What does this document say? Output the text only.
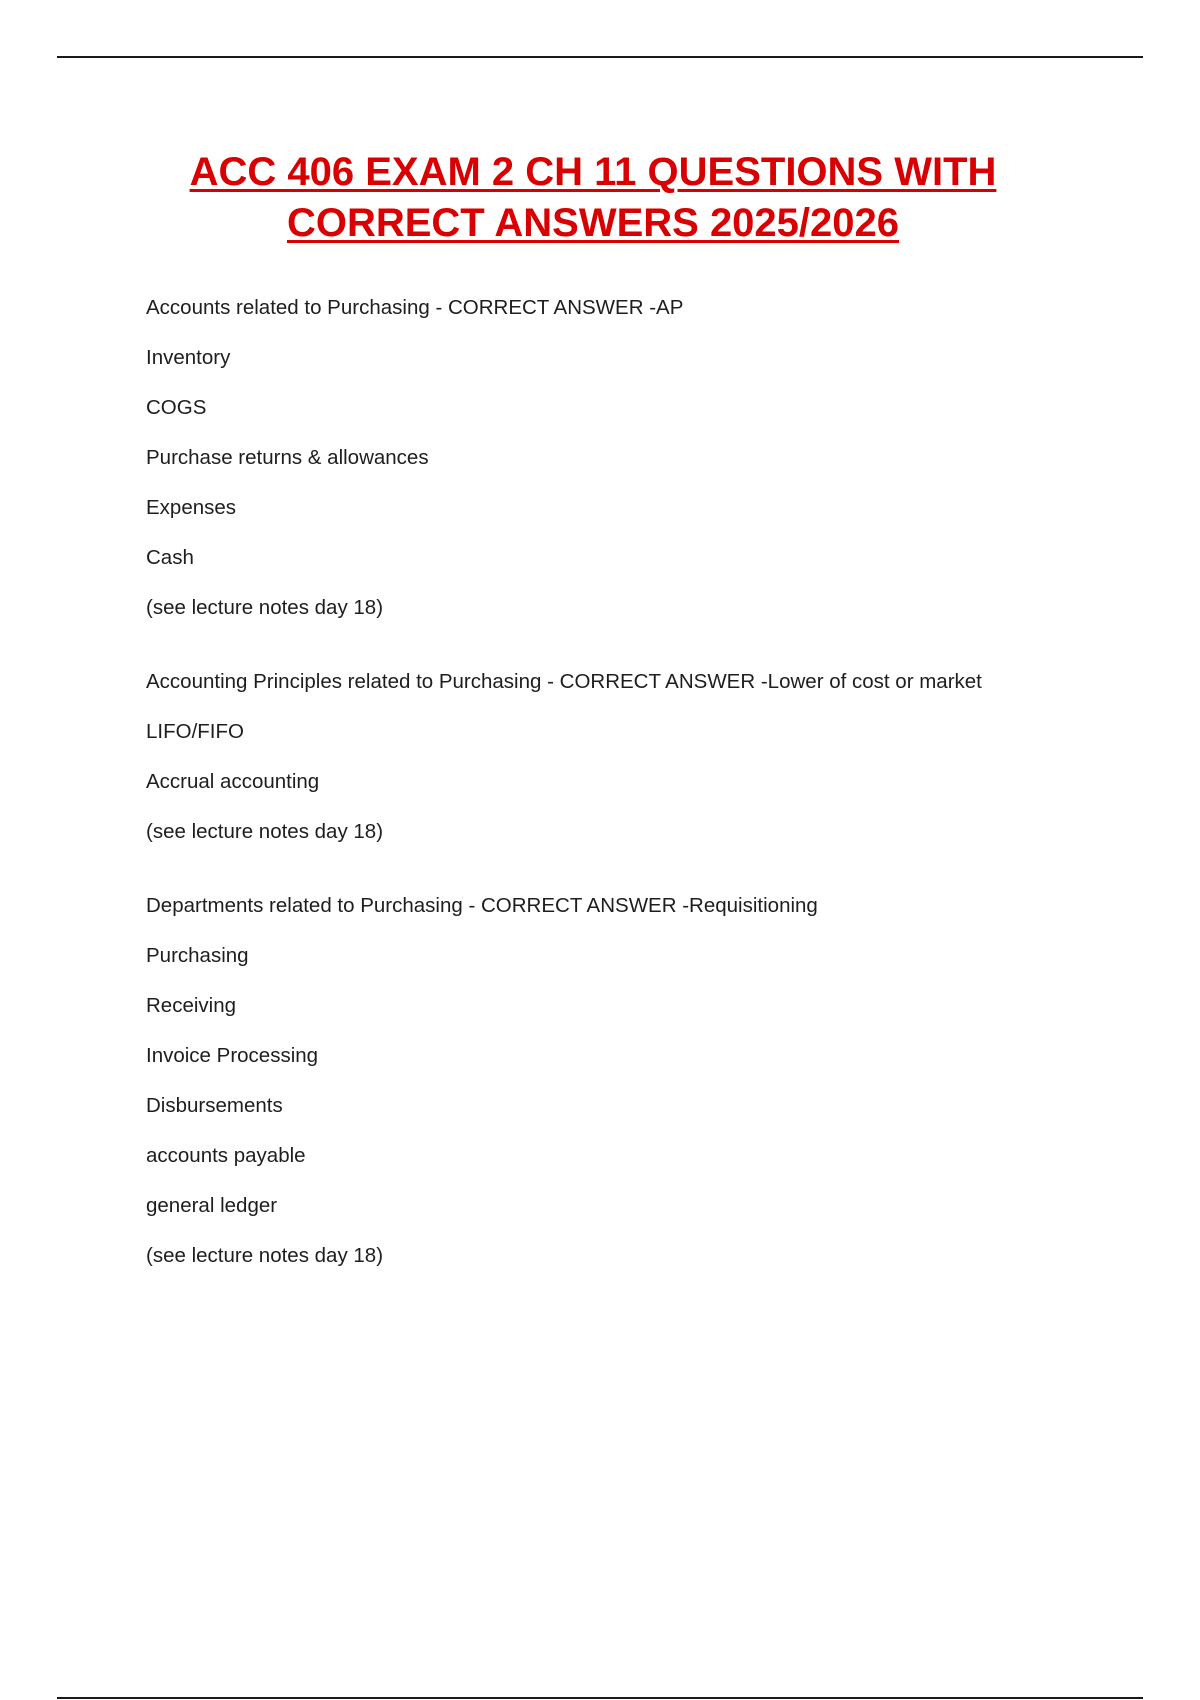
ACC 406 EXAM 2 CH 11 QUESTIONS WITH CORRECT ANSWERS 2025/2026
Accounts related to Purchasing - CORRECT ANSWER -AP
Inventory
COGS
Purchase returns & allowances
Expenses
Cash
(see lecture notes day 18)
Accounting Principles related to Purchasing - CORRECT ANSWER -Lower of cost or market
LIFO/FIFO
Accrual accounting
(see lecture notes day 18)
Departments related to Purchasing - CORRECT ANSWER -Requisitioning
Purchasing
Receiving
Invoice Processing
Disbursements
accounts payable
general ledger
(see lecture notes day 18)
